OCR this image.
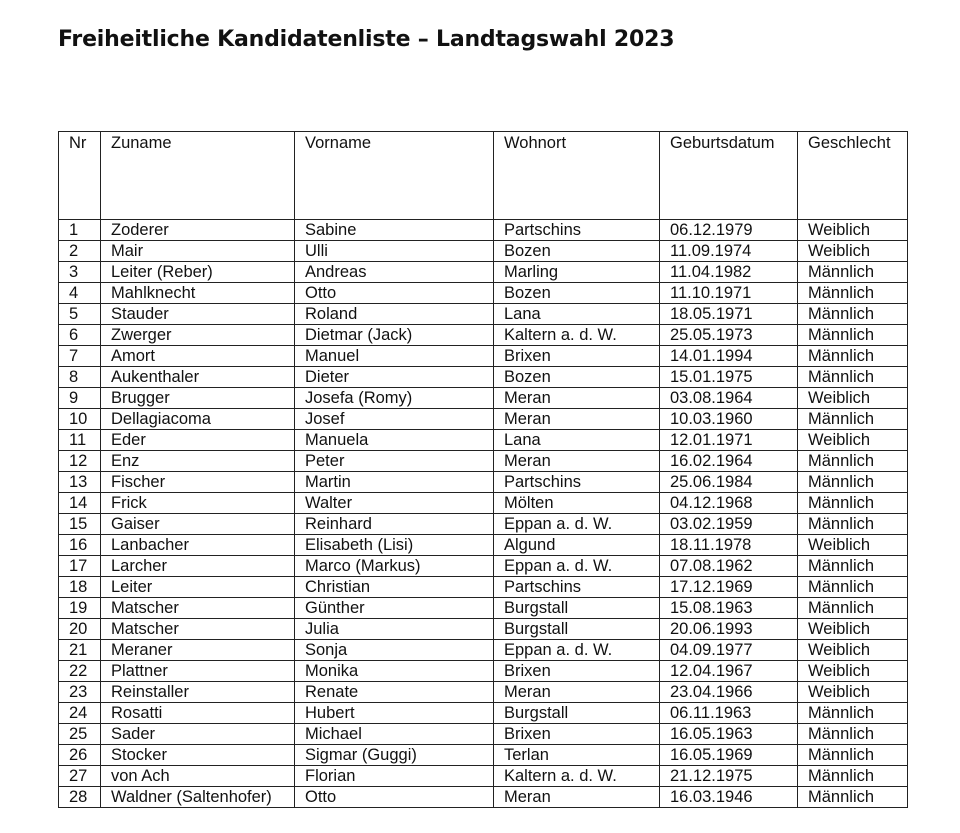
Freiheitliche Kandidatenliste – Landtagswahl 2023
Nr	Zuname	Vorname	Wohnort	Geburtsdatum	Geschlecht
1	Zoderer	Sabine	Partschins	06.12.1979	Weiblich
2	Mair	Ulli	Bozen	11.09.1974	Weiblich
3	Leiter (Reber)	Andreas	Marling	11.04.1982	Männlich
4	Mahlknecht	Otto	Bozen	11.10.1971	Männlich
5	Stauder	Roland	Lana	18.05.1971	Männlich
6	Zwerger	Dietmar (Jack)	Kaltern a. d. W.	25.05.1973	Männlich
7	Amort	Manuel	Brixen	14.01.1994	Männlich
8	Aukenthaler	Dieter	Bozen	15.01.1975	Männlich
9	Brugger	Josefa (Romy)	Meran	03.08.1964	Weiblich
10	Dellagiacoma	Josef	Meran	10.03.1960	Männlich
11	Eder	Manuela	Lana	12.01.1971	Weiblich
12	Enz	Peter	Meran	16.02.1964	Männlich
13	Fischer	Martin	Partschins	25.06.1984	Männlich
14	Frick	Walter	Mölten	04.12.1968	Männlich
15	Gaiser	Reinhard	Eppan a. d. W.	03.02.1959	Männlich
16	Lanbacher	Elisabeth (Lisi)	Algund	18.11.1978	Weiblich
17	Larcher	Marco (Markus)	Eppan a. d. W.	07.08.1962	Männlich
18	Leiter	Christian	Partschins	17.12.1969	Männlich
19	Matscher	Günther	Burgstall	15.08.1963	Männlich
20	Matscher	Julia	Burgstall	20.06.1993	Weiblich
21	Meraner	Sonja	Eppan a. d. W.	04.09.1977	Weiblich
22	Plattner	Monika	Brixen	12.04.1967	Weiblich
23	Reinstaller	Renate	Meran	23.04.1966	Weiblich
24	Rosatti	Hubert	Burgstall	06.11.1963	Männlich
25	Sader	Michael	Brixen	16.05.1963	Männlich
26	Stocker	Sigmar (Guggi)	Terlan	16.05.1969	Männlich
27	von Ach	Florian	Kaltern a. d. W.	21.12.1975	Männlich
28	Waldner (Saltenhofer)	Otto	Meran	16.03.1946	Männlich
